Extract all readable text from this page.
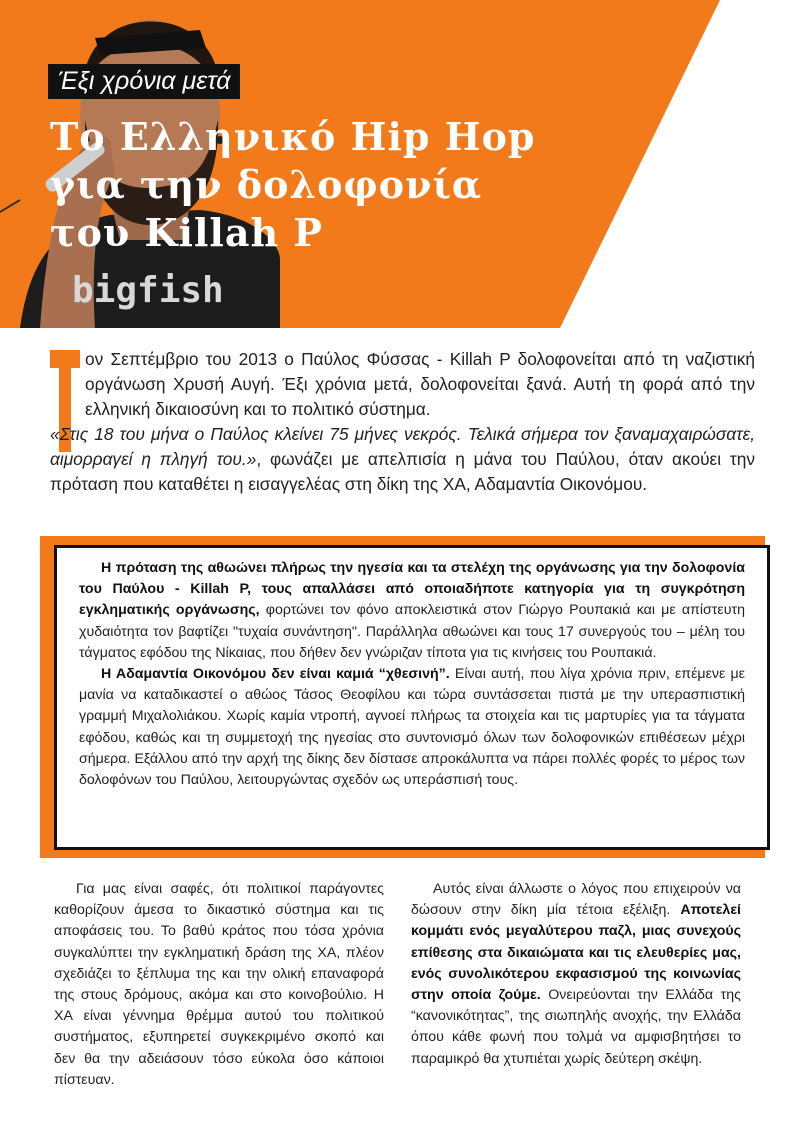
bigfish
Έξι χρόνια μετά
Το Ελληνικό Hip Hop
για την δολοφονία
του Killah P
Τ

ον Σεπτέμβριο του 2013 ο Παύλος Φύσσας - Killah P δολοφονείται από τη ναζιστική οργάνωση Χρυσή Αυγή. Έξι χρόνια μετά, δολοφονείται ξανά. Αυτή τη φορά από την ελληνική δικαιοσύνη και το πολιτικό σύστημα.

«Στις 18 του μήνα ο Παύλος κλείνει 75 μήνες νεκρός. Τελικά σήμερα τον ξαναμαχαιρώσατε, αιμορραγεί η πληγή του.», φωνάζει με απελπισία η μάνα του Παύλου, όταν ακούει την πρόταση που καταθέτει η εισαγγελέας στη δίκη της ΧΑ, Αδαμαντία Οικονόμου.

Η πρόταση της αθωώνει πλήρως την ηγεσία και τα στελέχη της οργάνωσης για την δολοφονία του Παύλου - Killah P, τους απαλλάσει από οποιαδήποτε κατηγορία για τη συγκρότηση εγκληματικής οργάνωσης, φορτώνει τον φόνο αποκλειστικά στον Γιώργο Ρουπακιά και με απίστευτη χυδαιότητα τον βαφτίζει "τυχαία συνάντηση". Παράλληλα αθωώνει και τους 17 συνεργούς του – μέλη του τάγματος εφόδου της Νίκαιας, που δήθεν δεν γνώριζαν τίποτα για τις κινήσεις του Ρουπακιά.

Η Αδαμαντία Οικονόμου δεν είναι καμιά “χθεσινή”. Είναι αυτή, που λίγα χρόνια πριν, επέμενε με μανία να καταδικαστεί ο αθώος Τάσος Θεοφίλου και τώρα συντάσσεται πιστά με την υπερασπιστική γραμμή Μιχαλολιάκου. Χωρίς καμία ντροπή, αγνοεί πλήρως τα στοιχεία και τις μαρτυρίες για τα τάγματα εφόδου, καθώς και τη συμμετοχή της ηγεσίας στο συντονισμό όλων των δολοφονικών επιθέσεων μέχρι σήμερα. Εξάλλου από την αρχή της δίκης δεν δίστασε απροκάλυπτα να πάρει πολλές φορές το μέρος των δολοφόνων του Παύλου, λειτουργώντας σχεδόν ως υπεράσπισή τους.

Για μας είναι σαφές, ότι πολιτικοί παράγοντες καθορίζουν άμεσα το δικαστικό σύστημα και τις αποφάσεις του. Το βαθύ κράτος που τόσα χρόνια συγκαλύπτει την εγκληματική δράση της ΧΑ, πλέον σχεδιάζει το ξέπλυμα της και την ολική επαναφορά της στους δρόμους, ακόμα και στο κοινοβούλιο. Η ΧΑ είναι γέννημα θρέμμα αυτού του πολιτικού συστήματος, εξυπηρετεί συγκεκριμένο σκοπό και δεν θα την αδειάσουν τόσο εύκολα όσο κάποιοι πίστευαν.

Αυτός είναι άλλωστε ο λόγος που επιχειρούν να δώσουν στην δίκη μία τέτοια εξέλιξη. Αποτελεί κομμάτι ενός μεγαλύτερου παζλ, μιας συνεχούς επίθεσης στα δικαιώματα και τις ελευθερίες μας, ενός συνολικότερου εκφασισμού της κοινωνίας στην οποία ζούμε. Ονειρεύονται την Ελλάδα της “κανονικότητας”, της σιωπηλής ανοχής, την Ελλάδα όπου κάθε φωνή που τολμά να αμφισβητήσει το παραμικρό θα χτυπιέται χωρίς δεύτερη σκέψη.
